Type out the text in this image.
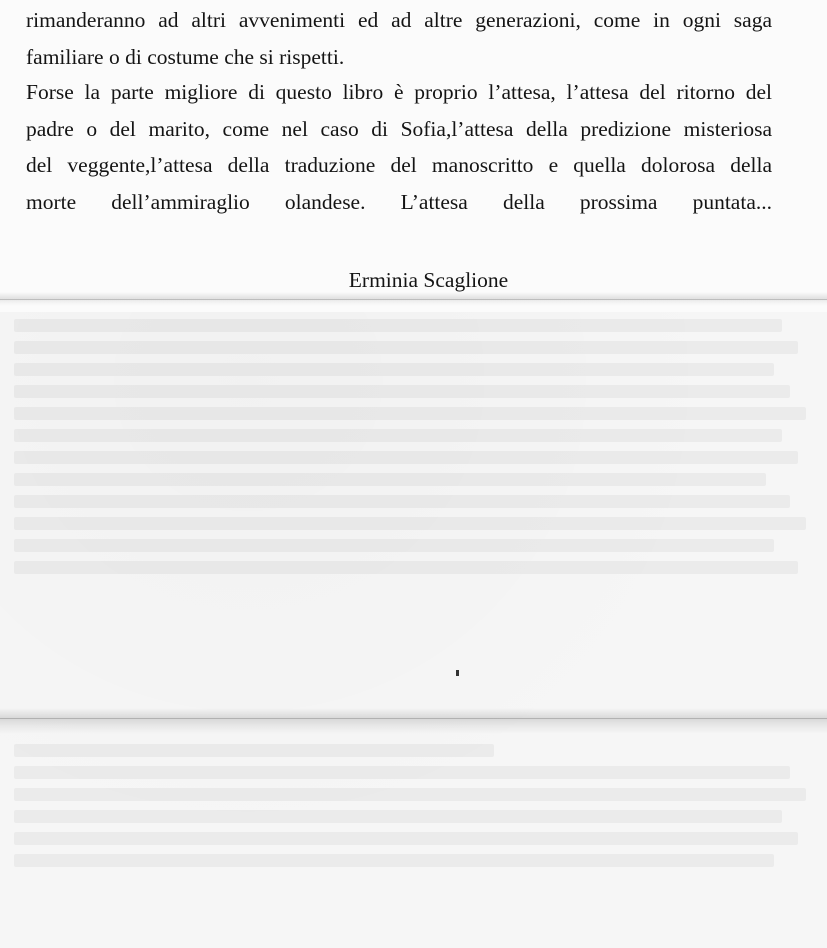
rimanderanno ad altri avvenimenti ed ad altre generazioni, come in ogni saga
familiare o di costume che si rispetti.

Forse la parte migliore di questo libro è proprio l’attesa, l’attesa del ritorno del
padre o del marito, come nel caso di Sofia,l’attesa della predizione misteriosa
del veggente,l’attesa della traduzione del manoscritto e quella dolorosa della
morte dell’ammiraglio olandese. L’attesa della prossima puntata...

Erminia Scaglione
